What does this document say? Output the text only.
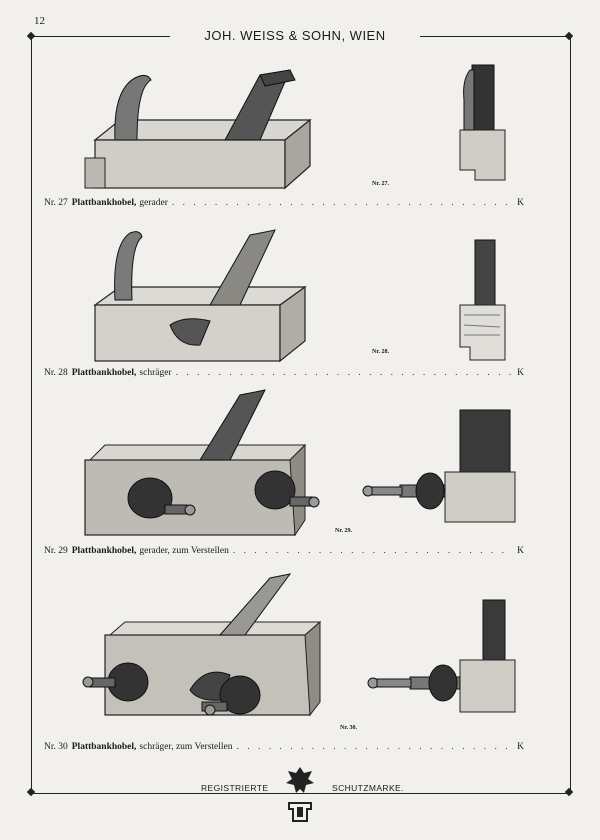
12
JOH. WEISS & SOHN, WIEN
Nr. 27.
Nr. 27 Plattbankhobel, gerader . . .	K
Nr. 28.
Nr. 28 Plattbankhobel, schräger . . .	K
Nr. 29.
Nr. 29 Plattbankhobel, gerader, zum Verstellen . . .	K
Nr. 30.
Nr. 30 Plattbankhobel, schräger, zum Verstellen . . .	K
REGISTRIERTE	SCHUTZMARKE.
